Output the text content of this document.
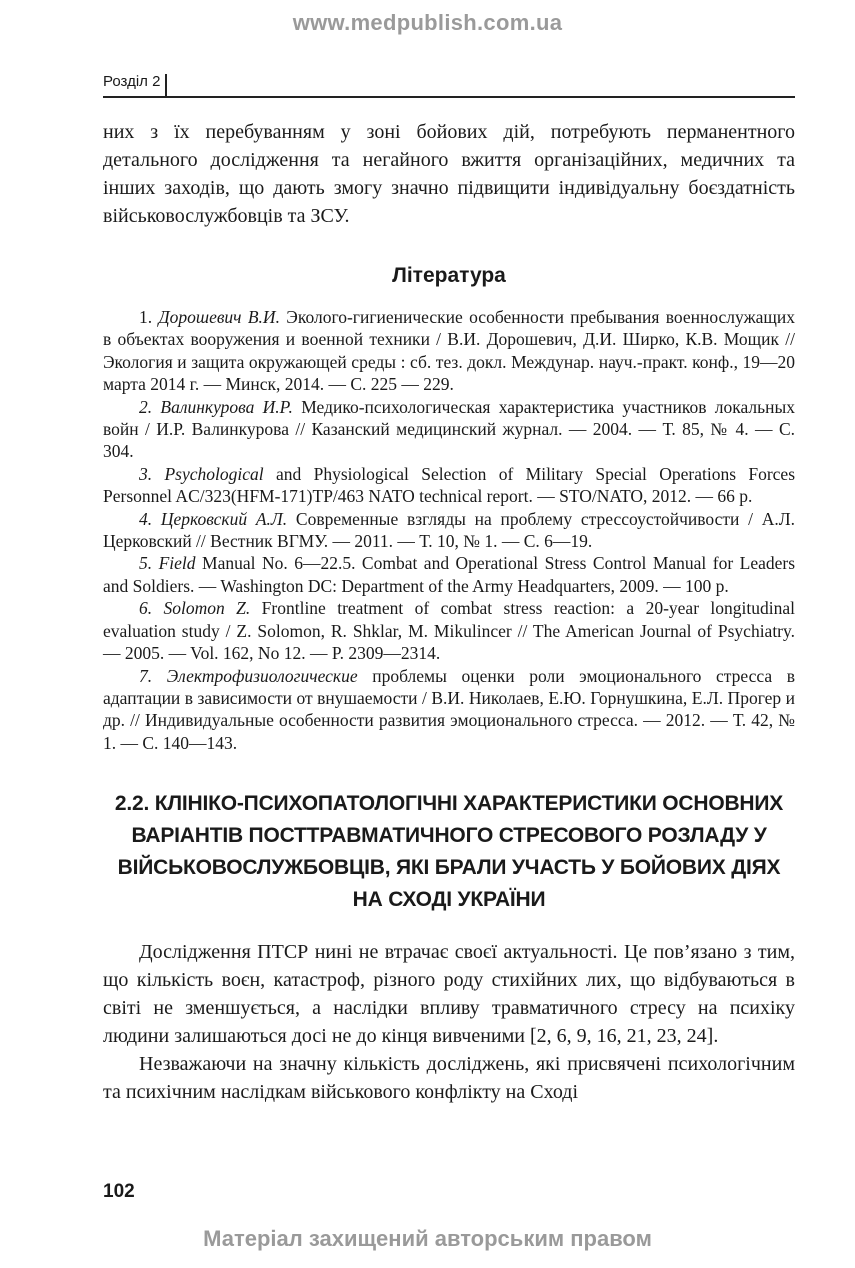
www.medpublish.com.ua
Розділ 2

них з їх перебуванням у зоні бойових дій, потребують перманентного детального дослідження та негайного вжиття організаційних, медичних та інших заходів, що дають змогу значно підвищити індивідуальну боєздатність військовослужбовців та ЗСУ.

Література

1. Дорошевич В.И. Эколого-гигиенические особенности пребывания военнослужащих в объектах вооружения и военной техники / В.И. Дорошевич, Д.И. Ширко, К.В. Мощик // Экология и защита окружающей среды : сб. тез. докл. Междунар. науч.-практ. конф., 19—20 марта 2014 г. — Минск, 2014. — С. 225 — 229.

2. Валинкурова И.Р. Медико-психологическая характеристика участников локальных войн / И.Р. Валинкурова // Казанский медицинский журнал. — 2004. — Т. 85, № 4. — С. 304.

3. Psychological and Physiological Selection of Military Special Operations Forces Personnel AC/323(HFM-171)TP/463 NATO technical report. — STO/NATO, 2012. — 66 p.

4. Церковский А.Л. Современные взгляды на проблему стрессоустойчивости / А.Л. Церковский // Вестник ВГМУ. — 2011. — Т. 10, № 1. — С. 6—19.

5. Field Manual No. 6—22.5. Combat and Operational Stress Control Manual for Leaders and Soldiers. — Washington DC: Department of the Army Headquarters, 2009. — 100 p.

6. Solomon Z. Frontline treatment of combat stress reaction: a 20-year longitudinal evaluation study / Z. Solomon, R. Shklar, M. Mikulincer // The American Journal of Psychiatry. — 2005. — Vol. 162, No 12. — P. 2309—2314.

7. Электрофизиологические проблемы оценки роли эмоционального стресса в адаптации в зависимости от внушаемости / В.И. Николаев, Е.Ю. Горнушкина, Е.Л. Прогер и др. // Индивидуальные особенности развития эмоционального стресса. — 2012. — Т. 42, № 1. — С. 140—143.

2.2. КЛІНІКО-ПСИХОПАТОЛОГІЧНІ ХАРАКТЕРИСТИКИ ОСНОВНИХ ВАРІАНТІВ ПОСТТРАВМАТИЧНОГО СТРЕСОВОГО РОЗЛАДУ У ВІЙСЬКОВОСЛУЖБОВЦІВ, ЯКІ БРАЛИ УЧАСТЬ У БОЙОВИХ ДІЯХ НА СХОДІ УКРАЇНИ

Дослідження ПТСР нині не втрачає своєї актуальності. Це пов’язано з тим, що кількість воєн, катастроф, різного роду стихійних лих, що відбуваються в світі не зменшується, а наслідки впливу травматичного стресу на психіку людини залишаються досі не до кінця вивченими [2, 6, 9, 16, 21, 23, 24].

Незважаючи на значну кількість досліджень, які присвячені психологічним та психічним наслідкам військового конфлікту на Сході

102
Матеріал захищений авторським правом
